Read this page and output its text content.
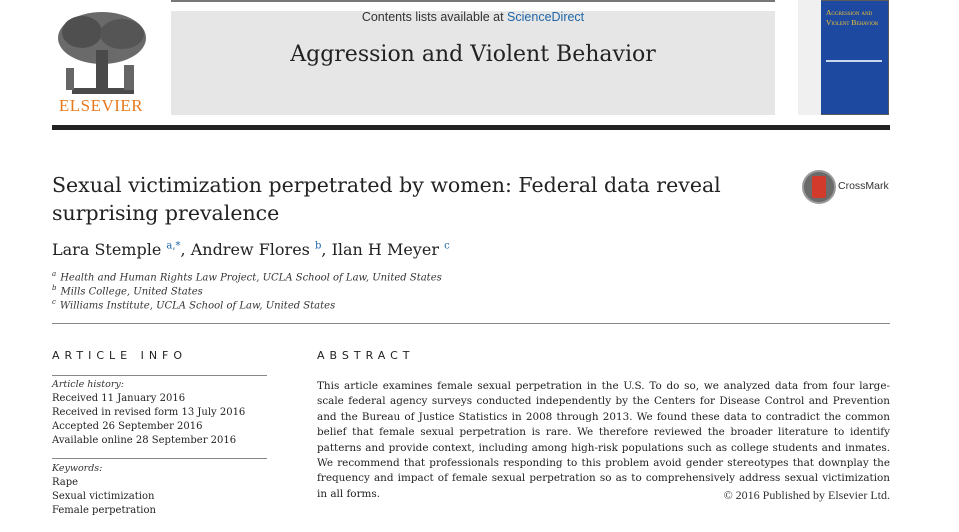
ELSEVIER
Contents lists available at ScienceDirect
Aggression and Violent Behavior
Aggression and Violent Behavior
Sexual victimization perpetrated by women: Federal data reveal surprising prevalence
CrossMark
Lara Stemple $^{a,*}$, Andrew Flores $^b$, Ilan H Meyer $^c$
$^a$ Health and Human Rights Law Project, UCLA School of Law, United States
$^b$ Mills College, United States
$^c$ Williams Institute, UCLA School of Law, United States
ARTICLE INFO
Article history:
Received 11 January 2016
Received in revised form 13 July 2016
Accepted 26 September 2016
Available online 28 September 2016
Keywords:
Rape
Sexual victimization
Female perpetration
ABSTRACT
This article examines female sexual perpetration in the U.S. To do so, we analyzed data from four large-scale federal agency surveys conducted independently by the Centers for Disease Control and Prevention and the Bureau of Justice Statistics in 2008 through 2013. We found these data to contradict the common belief that female sexual perpetration is rare. We therefore reviewed the broader literature to identify patterns and provide context, including among high-risk populations such as college students and inmates. We recommend that professionals responding to this problem avoid gender stereotypes that downplay the frequency and impact of female sexual perpetration so as to comprehensively address sexual victimization in all forms.	© 2016 Published by Elsevier Ltd.
